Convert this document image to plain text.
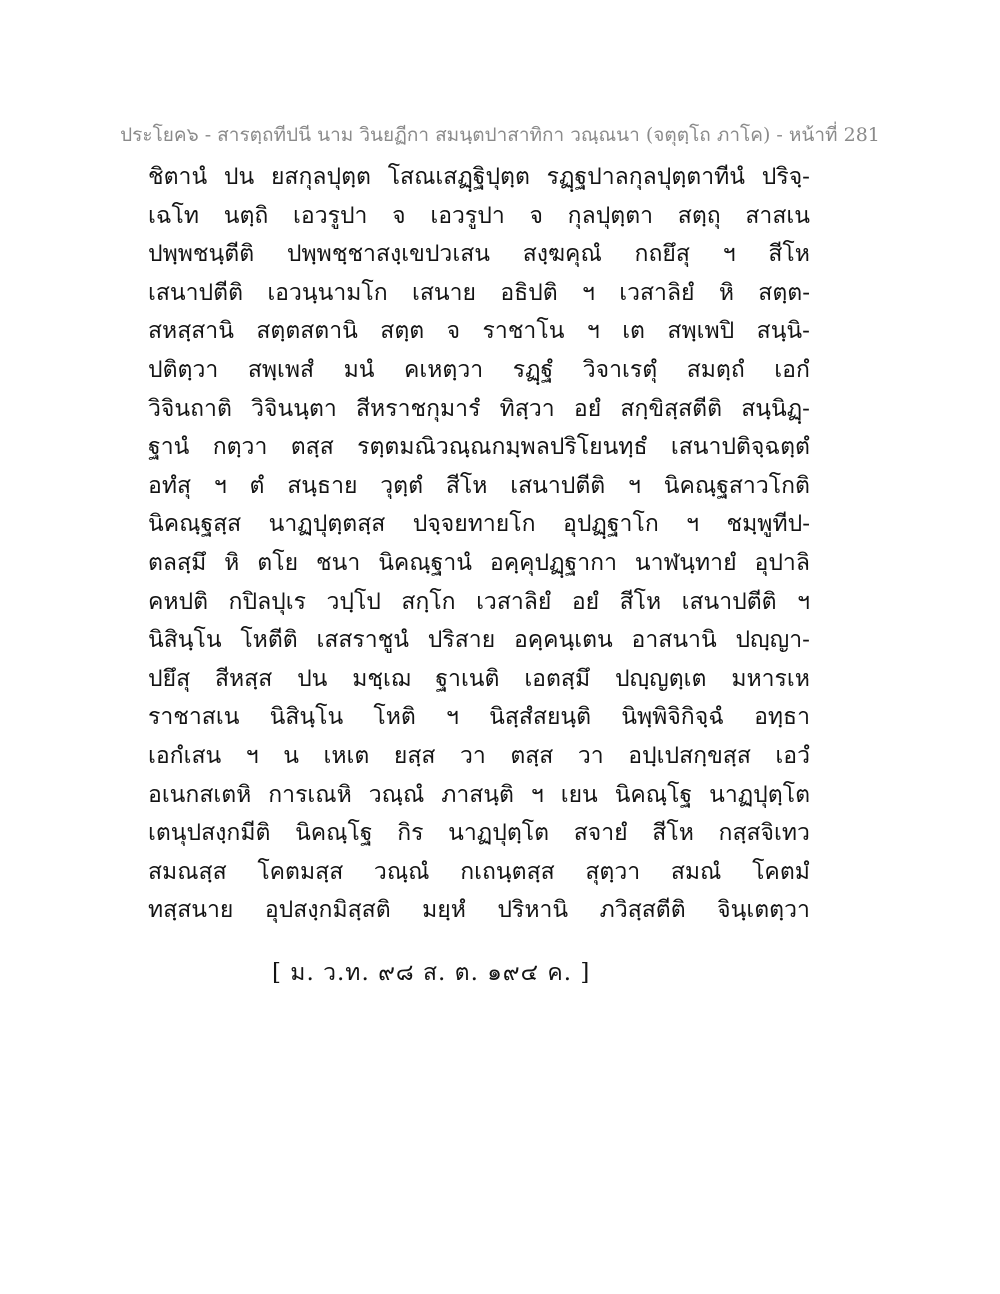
ประโยค๖ - สารตฺถทีปนี นาม วินยฏีกา สมนฺตปาสาทิกา วณฺณนา (จตุตฺโถ ภาโค) - หน้าที่ 281
ชิตานํ ปน ยสกุลปุตฺต โสณเสฏฺฐิปุตฺต รฏฺฐปาลกุลปุตฺตาทีนํ ปริจฺ-
เฉโท นตฺถิ เอวรูปา จ เอวรูปา จ กุลปุตฺตา สตฺถุ สาสเน
ปพฺพชนฺตีติ ปพฺพชฺชาสงฺเขปวเสน สงฺฆคุณํ กถยึสุ ฯ สีโห
เสนาปตีติ เอวนฺนามโก เสนาย อธิปติ ฯ เวสาลิยํ หิ สตฺต-
สหสฺสานิ สตฺตสตานิ สตฺต จ ราชาโน ฯ เต สพฺเพปิ สนฺนิ-
ปติตฺวา สพฺเพสํ มนํ คเหตฺวา รฏฺฐํ วิจาเรตุํ สมตฺถํ เอกํ
วิจินถาติ วิจินนฺตา สีหราชกุมารํ ทิสฺวา อยํ สกฺขิสฺสตีติ สนฺนิฏฺ-
ฐานํ กตฺวา ตสฺส รตฺตมณิวณฺณกมฺพลปริโยนทฺธํ เสนาปติจฺฉตฺตํ
อทํสุ ฯ ตํ สนฺธาย วุตฺตํ สีโห เสนาปตีติ ฯ นิคณฺฐสาวโกติ
นิคณฺฐสฺส นาฏปุตฺตสฺส ปจฺจยทายโก อุปฏฺฐาโก ฯ ชมฺพูทีป-
ตลสฺมึ หิ ตโย ชนา นิคณฺฐานํ อคฺคุปฏฺฐากา นาฬนฺทายํ อุปาลิ
คหปติ กปิลปุเร วปฺโป สกฺโก เวสาลิยํ อยํ สีโห เสนาปตีติ ฯ
นิสินฺโน โหตีติ เสสราชูนํ ปริสาย อคฺคนฺเตน อาสนานิ ปญฺญา-
ปยึสุ สีหสฺส ปน มชฺเฌ ฐาเนติ เอตสฺมึ ปญฺญตฺเต มหารเห
ราชาสเน นิสินฺโน โหติ ฯ นิสฺสํสยนฺติ นิพฺพิจิกิจฺฉํ อทฺธา
เอกํเสน ฯ น เหเต ยสฺส วา ตสฺส วา อปฺเปสกฺขสฺส เอวํ
อเนกสเตหิ การเณหิ วณฺณํ ภาสนฺติ ฯ เยน นิคณฺโฐ นาฏปุตฺโต
เตนุปสงฺกมีติ นิคณฺโฐ กิร นาฏปุตฺโต สจายํ สีโห กสฺสจิเทว
สมณสฺส โคตมสฺส วณฺณํ กเถนฺตสฺส สุตฺวา สมณํ โคตมํ
ทสฺสนาย อุปสงฺกมิสฺสติ มยฺหํ ปริหานิ ภวิสฺสตีติ จินฺเตตฺวา
[ ม. ว.ท. ๙๘ ส. ต. ๑๙๔ ค. ]
